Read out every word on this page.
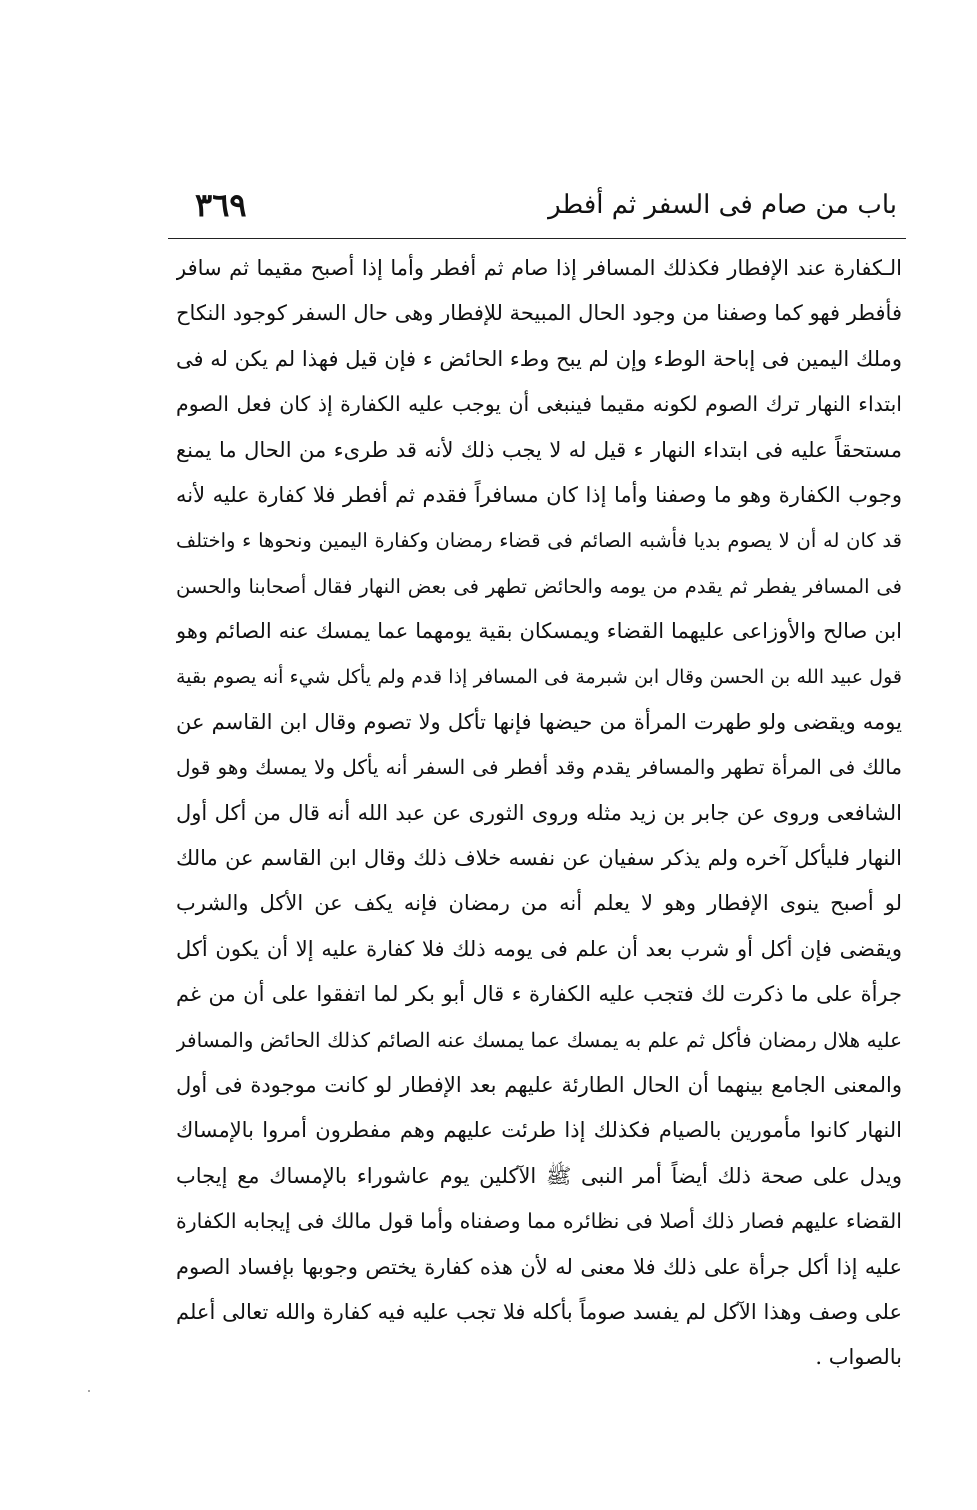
باب من صام فى السفر ثم أفطر
٣٦٩
الـكفارة عند الإفطار فكذلك المسافر إذا صام ثم أفطر وأما إذا أصبح مقيما ثم سافر
فأفطر فهو كما وصفنا من وجود الحال المبيحة للإفطار وهى حال السفر كوجود النكاح
وملك اليمين فى إباحة الوطء وإن لم يبح وطء الحائض ء فإن قيل فهذا لم يكن له فى
ابتداء النهار ترك الصوم لكونه مقيما فينبغى أن يوجب عليه الكفارة إذ كان فعل الصوم
مستحقاً عليه فى ابتداء النهار ء قيل له لا يجب ذلك لأنه قد طرىء من الحال ما يمنع
وجوب الكفارة وهو ما وصفنا وأما إذا كان مسافراً فقدم ثم أفطر فلا كفارة عليه لأنه
قد كان له أن لا يصوم بديا فأشبه الصائم فى قضاء رمضان وكفارة اليمين ونحوها ء واختلف
فى المسافر يفطر ثم يقدم من يومه والحائض تطهر فى بعض النهار فقال أصحابنا والحسن
ابن صالح والأوزاعى عليهما القضاء ويمسكان بقية يومهما عما يمسك عنه الصائم وهو
قول عبيد الله بن الحسن وقال ابن شبرمة فى المسافر إذا قدم ولم يأكل شيء أنه يصوم بقية
يومه ويقضى ولو طهرت المرأة من حيضها فإنها تأكل ولا تصوم وقال ابن القاسم عن
مالك فى المرأة تطهر والمسافر يقدم وقد أفطر فى السفر أنه يأكل ولا يمسك وهو قول
الشافعى وروى عن جابر بن زيد مثله وروى الثورى عن عبد الله أنه قال من أكل أول
النهار فليأكل آخره ولم يذكر سفيان عن نفسه خلاف ذلك وقال ابن القاسم عن مالك
لو أصبح ينوى الإفطار وهو لا يعلم أنه من رمضان فإنه يكف عن الأكل والشرب
ويقضى فإن أكل أو شرب بعد أن علم فى يومه ذلك فلا كفارة عليه إلا أن يكون أكل
جرأة على ما ذكرت لك فتجب عليه الكفارة ء قال أبو بكر لما اتفقوا على أن من غم
عليه هلال رمضان فأكل ثم علم به يمسك عما يمسك عنه الصائم كذلك الحائض والمسافر
والمعنى الجامع بينهما أن الحال الطارئة عليهم بعد الإفطار لو كانت موجودة فى أول
النهار كانوا مأمورين بالصيام فكذلك إذا طرئت عليهم وهم مفطرون أمروا بالإمساك
ويدل على صحة ذلك أيضاً أمر النبى ﷺ الآكلين يوم عاشوراء بالإمساك مع إيجاب
القضاء عليهم فصار ذلك أصلا فى نظائره مما وصفناه وأما قول مالك فى إيجابه الكفارة
عليه إذا أكل جرأة على ذلك فلا معنى له لأن هذه كفارة يختص وجوبها بإفساد الصوم
على وصف وهذا الآكل لم يفسد صوماً بأكله فلا تجب عليه فيه كفارة والله تعالى أعلم
بالصواب .
